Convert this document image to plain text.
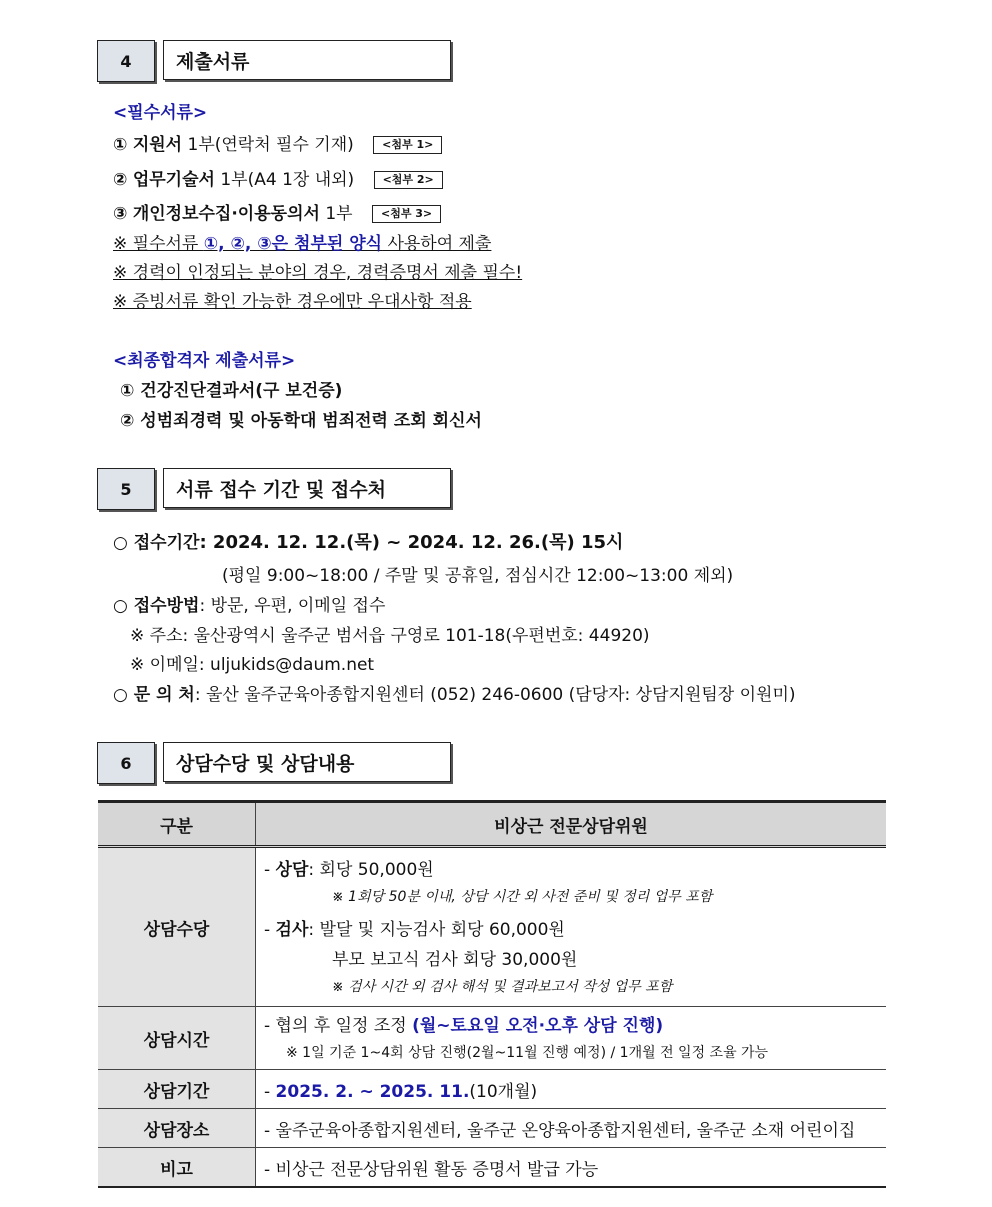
4	제출서류
<필수서류>
① 지원서 1부(연락처 필수 기재)	<첨부 1>
② 업무기술서 1부(A4 1장 내외)	<첨부 2>
③ 개인정보수집·이용동의서 1부	<첨부 3>
※ 필수서류 ①, ②, ③은 첨부된 양식 사용하여 제출
※ 경력이 인정되는 분야의 경우, 경력증명서 제출 필수!
※ 증빙서류 확인 가능한 경우에만 우대사항 적용
<최종합격자 제출서류>
① 건강진단결과서(구 보건증)
② 성범죄경력 및 아동학대 범죄전력 조회 회신서
5	서류 접수 기간 및 접수처
○ 접수기간: 2024. 12. 12.(목) ~ 2024. 12. 26.(목) 15시
(평일 9:00~18:00 / 주말 및 공휴일, 점심시간 12:00~13:00 제외)
○ 접수방법: 방문, 우편, 이메일 접수
※ 주소: 울산광역시 울주군 범서읍 구영로 101-18(우편번호: 44920)
※ 이메일: uljukids@daum.net
○ 문 의 처: 울산 울주군육아종합지원센터 (052) 246-0600 (담당자: 상담지원팀장 이원미)
6	상담수당 및 상담내용
구분	비상근 전문상담위원
상담수당	- 상담: 회당 50,000원
※ 1회당 50분 이내, 상담 시간 외 사전 준비 및 정리 업무 포함
- 검사: 발달 및 지능검사 회당 60,000원
부모 보고식 검사 회당 30,000원
※ 검사 시간 외 검사 해석 및 결과보고서 작성 업무 포함

상담시간	- 협의 후 일정 조정 (월~토요일 오전·오후 상담 진행)
※ 1일 기준 1~4회 상담 진행(2월~11월 진행 예정) / 1개월 전 일정 조율 가능

상담기간	- 2025. 2. ~ 2025. 11.(10개월)
상담장소	- 울주군육아종합지원센터, 울주군 온양육아종합지원센터, 울주군 소재 어린이집
비고	- 비상근 전문상담위원 활동 증명서 발급 가능
